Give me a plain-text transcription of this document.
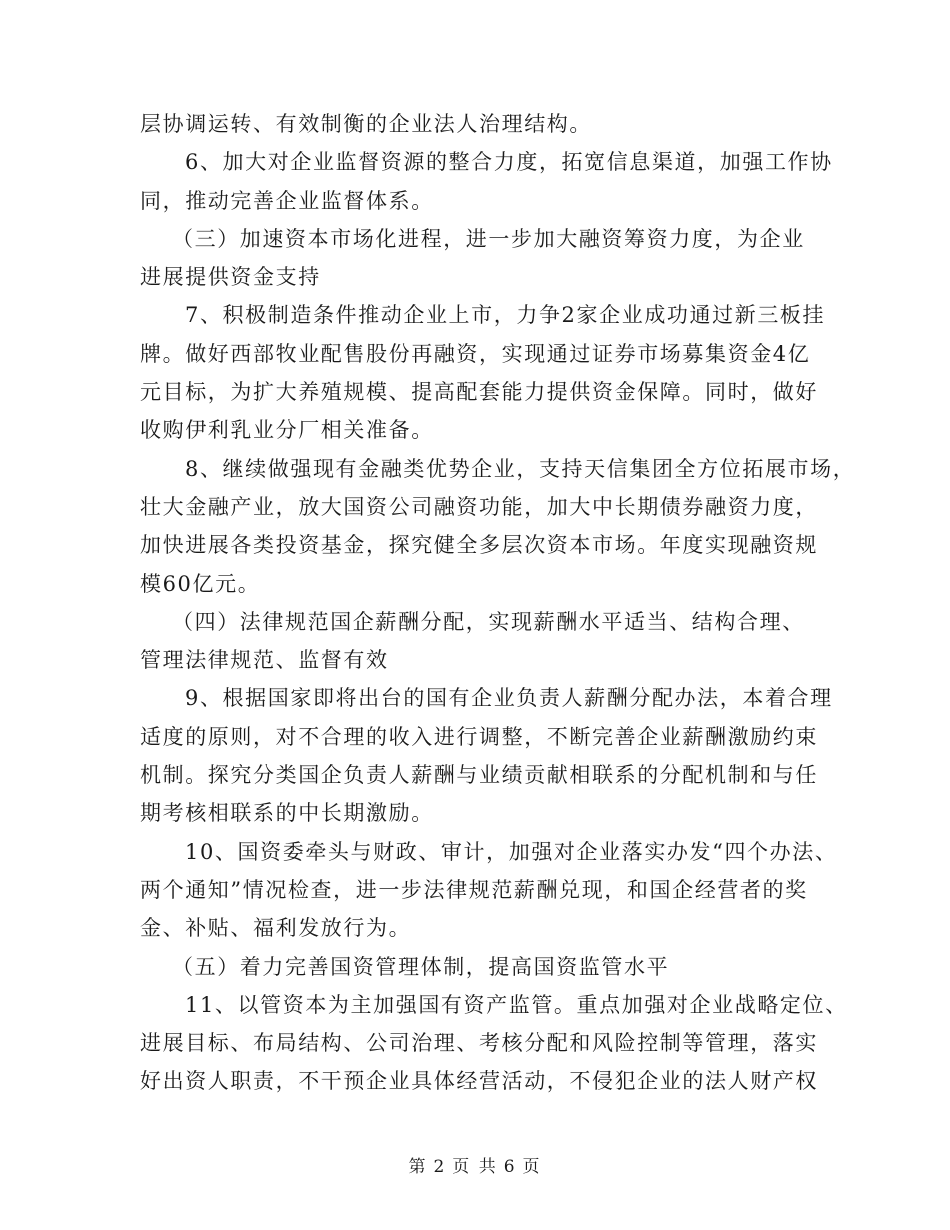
层协调运转、有效制衡的企业法人治理结构。

6、加大对企业监督资源的整合力度，拓宽信息渠道，加强工作协
同，推动完善企业监督体系。

（三）加速资本市场化进程，进一步加大融资筹资力度，为企业
进展提供资金支持

7、积极制造条件推动企业上市，力争2家企业成功通过新三板挂
牌。做好西部牧业配售股份再融资，实现通过证券市场募集资金4亿
元目标，为扩大养殖规模、提高配套能力提供资金保障。同时，做好
收购伊利乳业分厂相关准备。

8、继续做强现有金融类优势企业，支持天信集团全方位拓展市场，
壮大金融产业，放大国资公司融资功能，加大中长期债券融资力度，
加快进展各类投资基金，探究健全多层次资本市场。年度实现融资规
模60亿元。

（四）法律规范国企薪酬分配，实现薪酬水平适当、结构合理、
管理法律规范、监督有效

9、根据国家即将出台的国有企业负责人薪酬分配办法，本着合理
适度的原则，对不合理的收入进行调整，不断完善企业薪酬激励约束
机制。探究分类国企负责人薪酬与业绩贡献相联系的分配机制和与任
期考核相联系的中长期激励。

10、国资委牵头与财政、审计，加强对企业落实办发“四个办法、
两个通知”情况检查，进一步法律规范薪酬兑现，和国企经营者的奖
金、补贴、福利发放行为。

（五）着力完善国资管理体制，提高国资监管水平

11、以管资本为主加强国有资产监管。重点加强对企业战略定位、
进展目标、布局结构、公司治理、考核分配和风险控制等管理，落实
好出资人职责，不干预企业具体经营活动，不侵犯企业的法人财产权

第 2 页 共 6 页
